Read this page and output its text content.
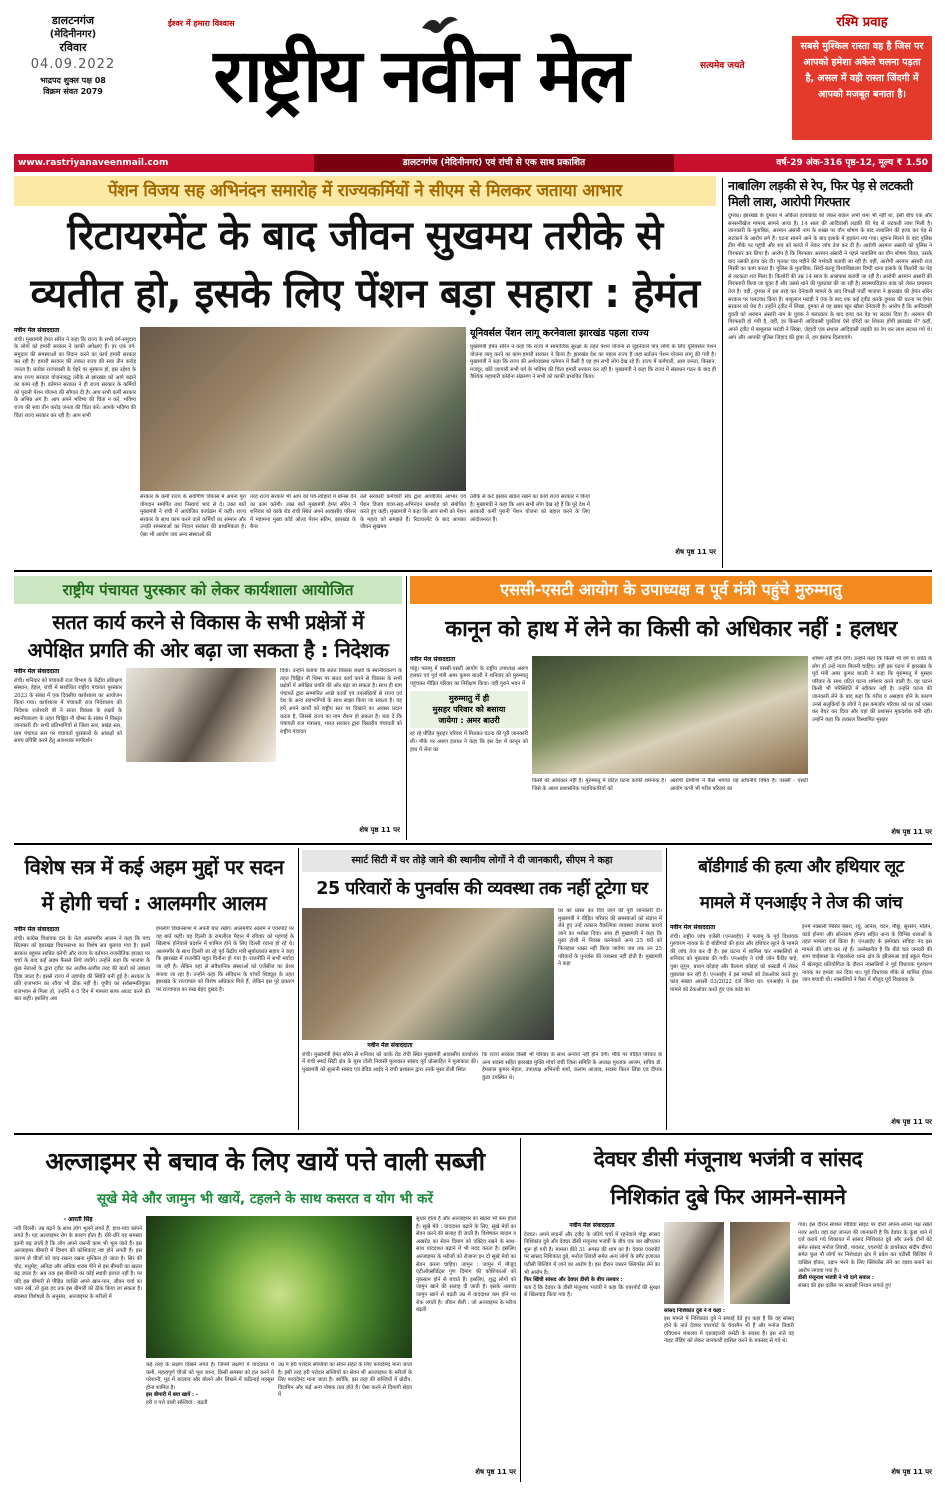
डालटनगंज
(मेदिनीनगर)
रविवार
04.09.2022
भाद्रपद शुक्ल पक्ष 08
विक्रम संवत 2079
ईश्वर में हमारा विश्वास
राष्ट्रीय नवीन मेल	सत्यमेव जयते
रश्मि प्रवाह
सबसे मुश्किल रास्ता वह है जिस पर आपको हमेशा अकेले चलना पड़ता है, असल में वही रास्ता जिंदगी में आपको मजबूत बनाता है।
www.rastriyanaveenmail.com	डालटनगंज (मेदिनीनगर) एवं रांची से एक साथ प्रकाशित	वर्ष-29 अंक-316 पृष्ठ-12, मूल्य ₹ 1.50
पेंशन विजय सह अभिनंदन समारोह में राज्यकर्मियों ने सीएम से मिलकर जताया आभार
रिटायरमेंट के बाद जीवन सुखमय तरीके से
व्यतीत हो, इसके लिए पेंशन बड़ा सहारा : हेमंत
नवीन मेल संवाददाता
रांची। मुख्यमंत्री हेमंत सोरेन ने कहा कि राज्य के सभी वर्ग-समुदाय के लोगों को हमारी सरकार ने काफी अपेक्षाएं हैं। हर एक वर्ग-समुदाय की समस्याओं का निदान करने का कार्य हमारी सरकार कर रही है। हमारी सरकार की ताकत राज्य की सवा तीन करोड़ जनता है। प्रत्येक राज्यवासी के चेहरे पर मुस्कान हो, इस उद्देश्य के साथ राज्य सरकार योजनाबद्ध तरीके से झारखंड को आगे बढ़ाने का काम रही है। वर्तमान सरकार ने ही राज्य सरकार के कर्मियों को पुरानी पेंशन योजना की सौगात दी है। आप सभी कर्मी सरकार के अभिन्न अंग हैं। आप अपने भविष्य की चिंता न करें, भविष्य राज्य की सवा तीन करोड़ जनता की चिंता करें। आपके भविष्य की चिंता राज्य सरकार कर रही है। आप सभी
सरकार के कर्मी राज्य के सर्वांगीण विकास में अपना पूरा योगदान समर्पित तथा निस्वार्थ भाव से दें। उक्त बातें मुख्यमंत्री ने रांची में आयोजित कार्यक्रम में कहीं। राज्य सरकार के साथ काम करने वाले कर्मियों का सम्मान और उनकी समस्याओं का निदान सरकार की प्राथमिकता है। ऐसा भी आयोग जब अन्य संस्थाओं की
तरह राज्य सरकार भी आप को पर्व-त्योहारों में बोनस देने का काम करेगी। उक्त बातें मुख्यमंत्री हेमंत सोरेन ने शनिवार को कांके रोड रांची स्थित अपने आवासीय परिसर में महामना मुख्य कॉर्ड ओल्ड पेंशन स्कीम, झारखंड के बैनर
यूनिवर्सल पेंशन लागू करनेवाला झारखंड पहला राज्य
मुख्यमंत्री हेमंत सोरेन ने कहा कि राज्य में सामाजिक सुरक्षा के तहत पेंशन योजना से जुड़नेवाले पात्र लोगों के लिए यूनिवर्सल पेंशन योजना लागू करने का काम हमारी सरकार ने किया है। झारखंड देश का पहला राज्य है जहां सर्वजन पेंशन योजना लागू की गयी है। मुख्यमंत्री ने कहा कि राज्य की अर्थव्यवस्था वर्तमान में कैसी है यह हम सभी लोग देख रहे हैं। राज्य में कर्मचारी, आम जनता, किसान, मजदूर, छोटे व्यापारी सभी वर्ग के भविष्य की चिंता हमारी सरकार कर रही है। मुख्यमंत्री ने कहा कि राज्य में संसाधन गठन के बाद ही वैश्विक महामारी कोरोना संक्रमण ने सभी को काफी प्रभावित किया।
तले सरकारी कर्मचारी संघ द्वारा आयोजित आभार एवं पेंशन विजय यात्रा-सह-अभिनंदन समारोह को संबोधित करते हुए कहीं। मुख्यमंत्री ने कहा कि आप सभी को पेंशन के महत्व को समझते हैं। रिटायरमेंट के बाद आपका जीवन सुखमय
तरीके से कटे इसका ख्याल रखने का कार्य राज्य सरकार ने किया है। मुख्यमंत्री ने कहा कि आप सभी लोग देख रहे हैं कि पूरे देश में सरकारी कर्मी पुरानी पेंशन योजना को बहाल करने के लिए आंदोलनरत हैं।
शेष पृष्ठ 11 पर
नाबालिग लड़की से रेप, फिर पेड़ से लटकती मिली लाश, आरोपी गिरफ्तार
दुमका। झारखंड के दुमका में अंकिता हत्याकांड को लेकर बवाल अभी थमा भी नहीं था, इसी बीच एक और सनसनीखेज मामला सामने आया है। 14 साल की आदिवासी लड़की की पेड़ से लटकती लाश मिली है। जानकारी के मुताबिक, अरमान अंसारी नाम के शख्स पर यौन शोषण के बाद नाबालिग की हत्या कर पेड़ से लटकाने के आरोप लगे हैं। घटना सामने आने के बाद इलाके में हड़कंप मच गया। सूचना मिलने के बाद पुलिस टीम मौके पर पहुंची और शव को कब्जे में लेकर जांच तेज कर दी है। आरोपी अरमान अंसारी को पुलिस ने गिरफ्तार कर लिया है। आरोप है कि गिरफ्तार अरमान अंसारी ने पहले नाबालिग का यौन शोषण किया, उसके बाद उसकी हत्या कर दी। मृतका चार महीने की गर्भवती बतायी जा रही है। वहीं, आरोपी अरमान अंसारी राज मिस्त्री का काम करता है। पुलिस के मुताबिक, सिदो-कान्हू विश्वविद्यालय दिग्घी थाना इलाके के किशोरी का पेड़ से लटकता शव मिला है। किशोरी की उम्र 14 साल के आसपास बतायी जा रही है। आरोपी अरमान अंसारी की गिरफ्तारी किया जा चुका है और उससे थाने की पूछताछ की जा रही है। स्वास्थ्यविज्ञान कांड को लेकर घमासान तेज है। वहीं, दुमका में इस तरह कर देनेवाली मामले के बाद विपक्षी पार्टी भाजपा ने झारखंड की हेमंत सोरेन सरकार पर पलटवार किया है। बाबूलाल मरांडी ने एक के बाद एक कई ट्वीट करके दुमका की घटना पर हेमंत सरकार को घेरा है। उन्होंने ट्वीट में लिखा, दुमका से यह खबर खून खौला देनेवाली है। आरोप है कि आदिवासी युवती को अरमान अंसारी नाम के युवक ने बलात्कार के बाद हत्या कर पेड़ पर लटका दिया है। अरमान की गिरफ्तारी हो गयी है, वहीं, हर किसानी आदिवासी युवतियां ऐसे दरिंदों का शिकार होंगी झारखंड में? कहीं, अपने ट्वीट में बाबूलाल मरांडी ने लिखा, जेहादी एक संथाल आदिवासी लड़की का रेप कर लाश लटका गये थे। आप और आपकी पुलिस जिहाद की छुपा लें, हम इंसाफ दिलवाएंगे।
राष्ट्रीय पंचायत पुरस्कार को लेकर कार्यशाला आयोजित
सतत कार्य करने से विकास के सभी प्रक्षेत्रों में
अपेक्षित प्रगति की ओर बढ़ा जा सकता है : निदेशक
नवीन मेल संवाददाता
रांची। शनिवार को पंचायती राज विभाग के केंद्रीय प्रशिक्षण संस्थान, हेहल, रांची में संशोधित राष्ट्रीय पंचायत पुरस्कार 2023 के संबंध में एक दिवसीय कार्यशाला का आयोजन किया गया। कार्यशाला में पंचायती राज निदेशालय की निदेशक राजेश्वरी बी ने सतत विकास के लक्ष्यों के स्थानीयकरण के तहत चिह्नित नौ थीम्स के संबंध में विस्तृत जानकारी दी। सभी प्रतिभागियों से जिला स्तर, प्रखंड स्तर, ग्राम पंचायत स्तर पर पंचायतों पुरस्कारों के आंकड़ों को समय प्रविष्टि करने हेतु आवश्यक मार्गदर्शन
दिया। उन्होंने बताया कि सतत विकास लक्ष्यों के स्थानीयकरण के तहत चिह्नित नौ थिम्स पर सतत कार्य करने से विकास के सभी प्रक्षेत्रों में अपेक्षित प्रगति की ओर बढ़ा जा सकता है। साथ ही ग्राम पंचायतें द्वारा सम्मानित अच्छे कार्यों एवं उपलब्धियों से राज्य एवं देश के अन्य सहभागियों के साथ साझा किया जा सकता है। यह हमें अपने कार्यों को राष्ट्रीय स्तर पर दिखाने का अवसर प्रदान करता है, जिससे राज्य का नाम रौशन हो सकता है। बता दें कि पंचायती राज मंत्रालय, भारत सरकार द्वारा त्रिस्तरीय पंचायती को राष्ट्रीय पंचायत
शेष पृष्ठ 11 पर
एससी-एसटी आयोग के उपाध्यक्ष व पूर्व मंत्री पहुंचे मुरुम्मातु
कानून को हाथ में लेने का किसी को अधिकार नहीं : हलधर
नवीन मेल संवाददाता
पांडू। पलामू में एससी-एसटी आयोग के राष्ट्रीय उपाध्यक्ष अरुण हलधर एवं पूर्व मंत्री अमर कुमार बाउरी ने शनिवार को मुरुम्मातु पहुंचकर पीड़ित परिवार का निरीक्षण किया। वहीं पुराने भवन में
मुरुम्मातु में ही
मुसहर परिवार को बसाया
जायेगा : अमर बाउरी
रह रहे पीड़ित मुसहर परिवार में मिलकर घटना की पूरी जानकारी ली। मौके पर अरुण हलधर ने कहा कि इस देश में कानून को हाथ में लेना का
किसी को अधिकार नहीं है। मुरुम्मातु में घटित घटना काफी शर्मनाक है। जिसे के आला प्रशासनिक पदाधिकारियों को
आरोपी ग्रामीणों ने कैसे भगाया यह सोचनीय विषय है। एससी - एसटी आयोग कभी भी गरीब परिवार का
शोषण नहीं होने देगी। उन्होंने कहा कि किसी भी वर्ग या जाति के लोग हों उन्हें न्याय मिलनी चाहिए। वहीं इस घटना में झारखंड के पूर्व मंत्री अमर कुमार बाउरी ने कहा कि मुरुम्मातु में मुसहर परिवार के साथ घटित घटना शर्मशार करने वाली है। यह घटना किसी भी परिस्थिति में स्वीकार नहीं है। उन्होंने घटना की जानकारी लेने के बाद कहा कि गरीब व असहाय होने के कारण उनसे सलूकियों के लोगों ने इस कमजोर परिवार को घर को ध्वस्त कर बेघर कर दिया और यहां की प्रशासन मूकदर्शक बनी रही। उन्होंने कहा कि तत्काल विस्थापित मुसहर
शेष पृष्ठ 11 पर
विशेष सत्र में कई अहम मुद्दों पर सदन
में होगी चर्चा : आलमगीर आलम
नवीन मेल संवाददाता
रांची। कांग्रेस विधायक दल के नेता आलमगीर आलम ने कहा कि पांच सितम्बर को झारखंड विधानसभा का विशेष सत्र बुलाया गया है। इसमें सरकार बहुमत साबित करेगी और राज्य के वर्तमान राजनीतिक हालात पर चर्चा के बाद कई अहम फैसले लिये जायेंगे। उन्होंने कहा कि भाजपा के कुछ नेताओं के द्वारा ट्वीट कर अजीब-अजीब तरह की बातों को उछाला दिया जाता है। इससे राज्य में उहापोह की स्थिति बनी हुई है। सरकार के प्रति राजभवन का रवैया भी ठीक नहीं है। यूपीए का सर्वसम्मतियुक्त राजभवन से मिला तो, उन्होंने 4-5 दिन में मामला साफ आउट करने की बात कही। इसलिए अब
हमलोग विधानसभा में अपनी बात रखेंगे। आलमगीर आलम ने एयरपोर्ट पर यह बातें कहीं। वह दिल्ली के रामलीला मैदान में रविवार को महंगाई के खिलाफ होनेवाले प्रदर्शन में शामिल होने के लिए दिल्ली रवाना हो रहे थे। आलमगीर के साथ दिल्ली जा रहे पूर्व केंद्रीय मंत्री सुबोधकांत सहाय ने कहा कि झारखंड में राजनीति बहुत घिनौना हो गया है। राजनीति में सभी मर्यादा जा रही है। लेकिन वहां से संवैधानिक संस्थाओं को एजेंसीज का प्रेशर बनाया जा रहा है। उन्होंने कहा कि संविधान के पांचवें शिड्यूल के तहत झारखंड के राज्यपाल को विशेष अधिकार मिले हैं, लेकिन इस पूरे प्रकरण पर राज्यपाल का रुख बेहद दुखद है।
स्मार्ट सिटी में घर तोड़े जाने की स्थानीय लोगों ने दी जानकारी, सीएम ने कहा
25 परिवारों के पुनर्वास की व्यवस्था तक नहीं टूटेगा घर
घर को ध्वस्त कर दिये जाने की पूरी जानकारी दी। मुख्यमंत्री ने पीड़ित परिवार की समस्याओं को संज्ञान में लेते हुए उन्हें तत्काल वैकल्पिक व्यवस्था उपलब्ध कराये जाने का भरोसा दिया। साथ ही मुख्यमंत्री ने कहा कि मुसा टोली में निवास करनेवाले अन्य 25 घरों को फिलहाल ध्वस्त नहीं किया जायेगा जब तक उन 25 परिवारों के पुनर्वास की व्यवस्था नहीं होती है। मुख्यमंत्री ने कहा
नवीन मेल संवाददाता
रांची। मुख्यमंत्री हेमंत सोरेन से शनिवार को कांके रोड रांची स्थित मुख्यमंत्री आवासीय कार्यालय में रांची स्मार्ट सिटी क्षेत्र के मुसा टोली निवासी मुलाकात सांसद पूर्व प्रोत्साहित ने मुलाकात की। मुख्यमंत्री को सुलानी सांसद एवं डेविड आईद ने रांची प्रशासन द्वारा उनके मुसा टोली स्थित
कि राज्य सरकार किसी भी परिवार के साथ अन्याय नहीं होने देगी। मौके पर पीड़ित परिवार के अन्य सदस्य सहित झारखंड मुक्ति मोर्चा रांची जिला समिति के अध्यक्ष मुश्ताक आलम, सचिव डॉ. हेमलाल कुमार मेहता, उपाध्यक्ष अभिनवी शर्मा, कलाम आजाद, सदस्य किरन लिंडा एवं दीपक कुंडा उपस्थित थे।
बॉडीगार्ड की हत्या और हथियार लूट
मामले में एनआईए ने तेज की जांच
नवीन मेल संवाददाता
रांची। राष्ट्रीय जांच एजेंसी (एनआईए) ने पलामू के पूर्व विधायक गुरुचरण नायक के दो बॉडीगार्ड की हत्या और हथियार लूटने के मामले की जांच तेज कर दी है। इस घटना में शामिल चार नक्सलियों से शनिवार को पूछताछ की गयी। एनआईए ने रांची जोन कैंदिर बाहे, पुसा लुगुन, प्रधान कोड़ाह और कैलाश कोड़ाह को कस्टडी में लेकर पूछताछ कर रही है। एनआईए ने इस मामले को टेकओवर करते हुए कांड संख्या आरसी 03/2022 दर्ज किया था। एनआईए ने इस मामले को टेकओवर करते हुए एक कांड का
इनमें नक्सली मिसिर बेसरा, रघु, अनिल, चंदन, मौछु, सुरसेन, मलिन, कांडे होनगा और सोनाराम होनगा सहित अन्य के विभिन्न धाराओं के तहत मामला दर्ज किया है। एनआईए के इंस्पेक्टर सचिदा नंद इस मामले की जांच कर रहे हैं। उल्लेखनीय है कि बीते चार जनवरी की शाम चाईबासा के गोइलकेरा थाना क्षेत्र के झीलरुआ हाई स्कूल मैदान में खेलकूद प्रतियोगिता के दौरान नक्सलियों ने पूर्व विधायक गुरुचरण नायक पर हमला कर दिया था। पूर्व विधायक मौके से शामिल होकर जान बचायी थी। नक्सलियों ने पैसा में मौजूद पूर्व विधायक के
शेष पृष्ठ 11 पर
अल्जाइमर से बचाव के लिए खायें पत्ते वाली सब्जी
सूखे मेवे और जामुन भी खायें, टहलने के साथ कसरत व योग भी करें
- आरती सिंह
नयी दिल्ली। उम्र बढ़ने के साथ लोग भूलने लगते हैं, हाथ-पांव कांपने लगते हैं। यह अल्जाइमर रोग के कारण होता है। धीरे-धीरे यह समस्या इतनी बढ़ जाती है कि लोग अपने जरूरी काम भी भूल जाते हैं। इस अल्जाइमर बीमारी में दिमाग की कोशिकाएं नष्ट होने लगती हैं। इस कारण से चीजों को याद रखना रखना मुश्किल हो जाता है। सिर की चोट, मधुमेह, अनिद्रा और अधिक शराब पीने से इस बीमारी का खतरा बढ़ जाता है। अब तक इस बीमारी का कोई स्थायी इलाज नहीं है। पर यदि इस बीमारी से पीड़ित व्यक्ति अपने खान-पान, जीवन चर्या का ध्यान रखें, तो कुछ हद तक इस बीमारी को ठीक किया जा सकता है। स्वास्थ्य विशेषज्ञों के अनुसार, अल्जाइमर के मरीजों में
कई तरह के लक्षण दिखने लगते हैं। जिनमें लक्षणों में याददाश्त में कमी, महत्वपूर्ण चीजों को भूल जाना, किसी समस्या को हल करने में परेशानी, मूड में बदलाव और बोलने और लिखने में कठिनाई महसूस होना शामिल है।
इस बीमारी में क्या खायें : -
हरी व पत्ते वाली सब्जियां : बढ़ती
उम्र में हरी पत्तेदार सब्जियों का सेवन सेहत के लिए फायदेमंद माना जाता है। इसी तरह हरी पत्तेदार सब्जियों का सेवन भी अल्जाइमर के मरीजों के लिए फायदेमंद माना जाता है। क्योंकि, इस तरह की सब्जियों में प्रोटीन, विटामिन और कई अन्य पोषक तत्व होते हैं। ऐसा करने से दिमागी सेहत में
सुधार होता है और अल्जाइमर का खतरा भी कम होता है। सूखे मेवे : याददाश्त बढ़ाने के लिए, सूखे मेवों का सेवन करने की सलाह दी जाती है। विशेषकर बादाम व अखरोट का सेवन दिमाग को एक्टिव रखने के साथ-साथ याददाश्त बढ़ाने में भी मदद करता है। इसलिए अल्जाइमर के मरीजों को रोजाना इन दो सूखे मेवों का सेवन करना चाहिए। जामुन : जामुन में मौजूद एंटीऑक्सीडेंट्स गुण दिमाग की कोशिकाओं को नुकसान होने से बचाते हैं। इसलिए, शुद्ध लोगों को जामुन खाने की सलाह दी जाती है। इसके अलावा जामुन खाने से बढ़ती उम्र में याददाश्त कम होने पर रोक लगती है। जीवन शैली : जो अल्जाइमर के मरीज बढ़ती
शेष पृष्ठ 11 पर
देवघर डीसी मंजूनाथ भजंत्री व सांसद
निशिकांत दुबे फिर आमने-सामने
नवीन मेल संवाददाता
देवघर। अपने बयानों और ट्वीट के जरिये चर्चा में रहनेवाले गोड्डा सांसद निशिकांत दुबे और देवघर डीसी मंजूनाथ भजंत्री के बीच एक बार खींचतान शुरू हो गयी है। मामला बीते 31 अगस्त की शाम का है। देवघर एयरपोर्ट पर सांसद निशिकांत दुबे, मनोज तिवारी समेत अन्य लोगों के बगैर इजाजत एटीसी बिल्डिंग में जाने का आरोप है। इस दौरान जबरन क्लियरेंस लेने का भी आरोप है।
फिर खिंची सांसद और देवघर डीसी के बीच तलवार :
बता दें कि देवघर के डीसी मंजूनाथ भजंत्री ने कहा कि एयरपोर्ट की सुरक्षा से खिलवाड़ किया गया है।
सांसद निशिकांत दुबे ने ये कहा :
इस मामले में निशिकांत दुबे ने सफाई देते हुए कहा है कि वह सांसद होने के नाते देवघर एयरपोर्ट के चेयरमैन भी हैं और मनोज तिवारी एविएशन मंत्रालय में एडवाइजरी कमेटी के सदस्य हैं। इस नाते वह नाइट लैंडिंग को लेकर जानकारी हासिल करने के मकसद से गये थे।
गया। इस दौरान सोशल मीडिया साइट पर दोनों अपना-अपना पक्ष रखते नजर आये। वहां कह जानता की जानकारी है कि देवघर के कुंडा थाने में दर्ज कराये गये शिकायत में सांसद निशिकांत दुबे और उनके दोनों बेटे समेत सांसद मनोज तिवारी, पायलट, एयरपोर्ट के डायरेक्टर संदीप ढींगरा समेत कुल नौ लोगों पर निशेधाज्ञा क्षेत्र में प्रवेश कर एटीसी बिल्डिंग में दाखिल होकर, उड़ान भरने के लिए क्लियरेंस लेने का दबाव बनाने का आरोप लगाया गया है।
डीसी मंजूनाथ भजंत्री ने भी दागे सवाल :
सांसद की इस दलील पर सवाली निशान लगाते हुए
शेष पृष्ठ 11 पर
